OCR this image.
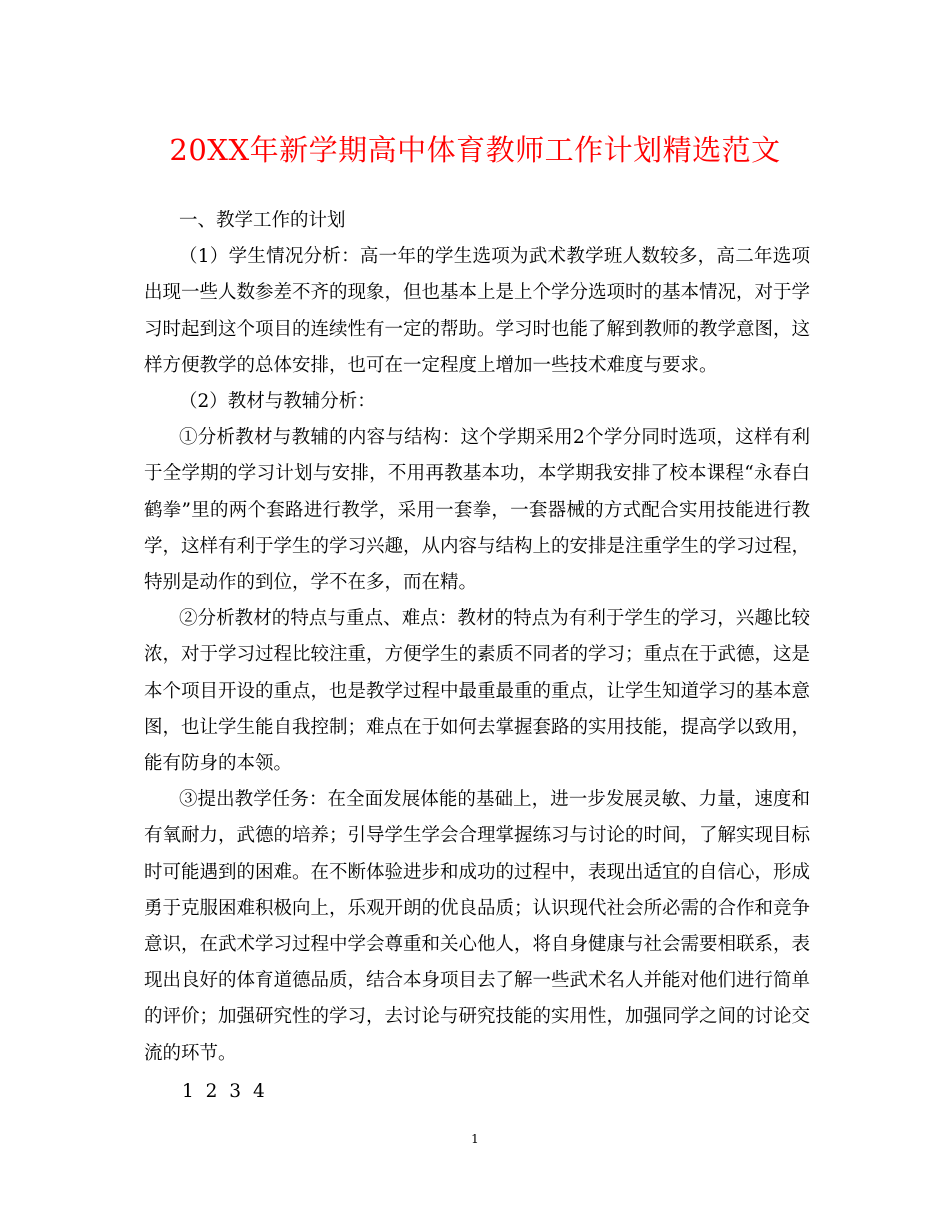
20XX年新学期高中体育教师工作计划精选范文

一、教学工作的计划

（1）学生情况分析：高一年的学生选项为武术教学班人数较多，高二年选项出现一些人数参差不齐的现象，但也基本上是上个学分选项时的基本情况，对于学习时起到这个项目的连续性有一定的帮助。学习时也能了解到教师的教学意图，这样方便教学的总体安排，也可在一定程度上增加一些技术难度与要求。

（2）教材与教辅分析：

①分析教材与教辅的内容与结构：这个学期采用2个学分同时选项，这样有利于全学期的学习计划与安排，不用再教基本功，本学期我安排了校本课程“永春白鹤拳”里的两个套路进行教学，采用一套拳，一套器械的方式配合实用技能进行教学，这样有利于学生的学习兴趣，从内容与结构上的安排是注重学生的学习过程，特别是动作的到位，学不在多，而在精。

②分析教材的特点与重点、难点：教材的特点为有利于学生的学习，兴趣比较浓，对于学习过程比较注重，方便学生的素质不同者的学习；重点在于武德，这是本个项目开设的重点，也是教学过程中最重最重的重点，让学生知道学习的基本意图，也让学生能自我控制；难点在于如何去掌握套路的实用技能，提高学以致用，能有防身的本领。

③提出教学任务：在全面发展体能的基础上，进一步发展灵敏、力量，速度和有氧耐力，武德的培养；引导学生学会合理掌握练习与讨论的时间，了解实现目标时可能遇到的困难。在不断体验进步和成功的过程中，表现出适宜的自信心，形成勇于克服困难积极向上，乐观开朗的优良品质；认识现代社会所必需的合作和竞争意识，在武术学习过程中学会尊重和关心他人，将自身健康与社会需要相联系，表现出良好的体育道德品质，结合本身项目去了解一些武术名人并能对他们进行简单的评价；加强研究性的学习，去讨论与研究技能的实用性，加强同学之间的讨论交流的环节。

1 2 3 4

1
